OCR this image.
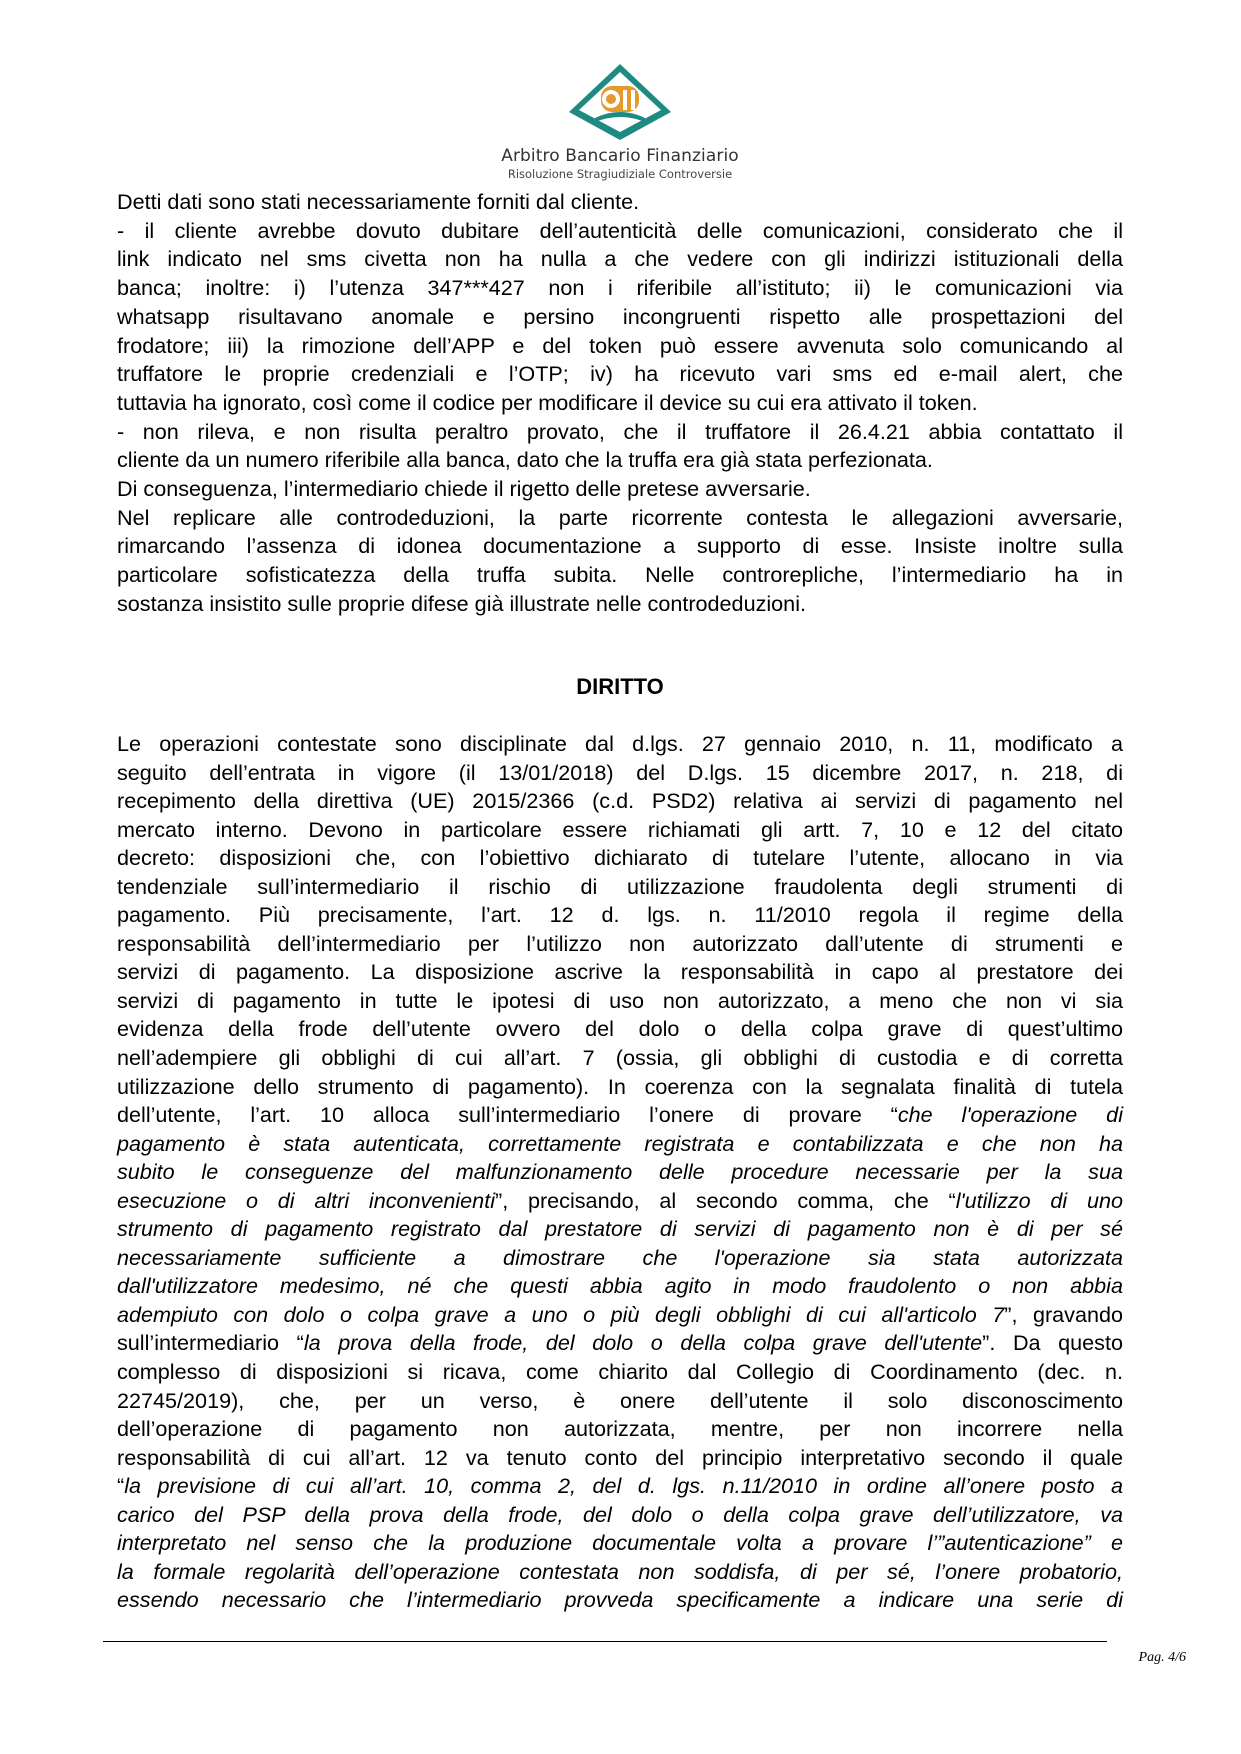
Arbitro Bancario Finanziario
Risoluzione Stragiudiziale Controversie

Detti dati sono stati necessariamente forniti dal cliente.

- il cliente avrebbe dovuto dubitare dell’autenticità delle comunicazioni, considerato che il

link indicato nel sms civetta non ha nulla a che vedere con gli indirizzi istituzionali della

banca; inoltre: i) l’utenza 347***427 non i riferibile all’istituto; ii) le comunicazioni via

whatsapp risultavano anomale e persino incongruenti rispetto alle prospettazioni del

frodatore; iii) la rimozione dell’APP e del token può essere avvenuta solo comunicando al

truffatore le proprie credenziali e l’OTP; iv) ha ricevuto vari sms ed e-mail alert, che

tuttavia ha ignorato, così come il codice per modificare il device su cui era attivato il token.

- non rileva, e non risulta peraltro provato, che il truffatore il 26.4.21 abbia contattato il

cliente da un numero riferibile alla banca, dato che la truffa era già stata perfezionata.

Di conseguenza, l’intermediario chiede il rigetto delle pretese avversarie.

Nel replicare alle controdeduzioni, la parte ricorrente contesta le allegazioni avversarie,

rimarcando l’assenza di idonea documentazione a supporto di esse. Insiste inoltre sulla

particolare sofisticatezza della truffa subita. Nelle controrepliche, l’intermediario ha in

sostanza insistito sulle proprie difese già illustrate nelle controdeduzioni.

DIRITTO

Le operazioni contestate sono disciplinate dal d.lgs. 27 gennaio 2010, n. 11, modificato a

seguito dell’entrata in vigore (il 13/01/2018) del D.lgs. 15 dicembre 2017, n. 218, di

recepimento della direttiva (UE) 2015/2366 (c.d. PSD2) relativa ai servizi di pagamento nel

mercato interno. Devono in particolare essere richiamati gli artt. 7, 10 e 12 del citato

decreto: disposizioni che, con l’obiettivo dichiarato di tutelare l’utente, allocano in via

tendenziale sull’intermediario il rischio di utilizzazione fraudolenta degli strumenti di

pagamento. Più precisamente, l’art. 12 d. lgs. n. 11/2010 regola il regime della

responsabilità dell’intermediario per l’utilizzo non autorizzato dall’utente di strumenti e

servizi di pagamento. La disposizione ascrive la responsabilità in capo al prestatore dei

servizi di pagamento in tutte le ipotesi di uso non autorizzato, a meno che non vi sia

evidenza della frode dell’utente ovvero del dolo o della colpa grave di quest’ultimo

nell’adempiere gli obblighi di cui all’art. 7 (ossia, gli obblighi di custodia e di corretta

utilizzazione dello strumento di pagamento). In coerenza con la segnalata finalità di tutela

dell’utente, l’art. 10 alloca sull’intermediario l’onere di provare “che l'operazione di

pagamento è stata autenticata, correttamente registrata e contabilizzata e che non ha

subito le conseguenze del malfunzionamento delle procedure necessarie per la sua

esecuzione o di altri inconvenienti”, precisando, al secondo comma, che “l'utilizzo di uno

strumento di pagamento registrato dal prestatore di servizi di pagamento non è di per sé

necessariamente sufficiente a dimostrare che l'operazione sia stata autorizzata

dall'utilizzatore medesimo, né che questi abbia agito in modo fraudolento o non abbia

adempiuto con dolo o colpa grave a uno o più degli obblighi di cui all'articolo 7”, gravando

sull’intermediario “la prova della frode, del dolo o della colpa grave dell'utente”. Da questo

complesso di disposizioni si ricava, come chiarito dal Collegio di Coordinamento (dec. n.

22745/2019), che, per un verso, è onere dell’utente il solo disconoscimento

dell’operazione di pagamento non autorizzata, mentre, per non incorrere nella

responsabilità di cui all’art. 12 va tenuto conto del principio interpretativo secondo il quale

“la previsione di cui all’art. 10, comma 2, del d. lgs. n.11/2010 in ordine all’onere posto a

carico del PSP della prova della frode, del dolo o della colpa grave dell’utilizzatore, va

interpretato nel senso che la produzione documentale volta a provare l’”autenticazione” e

la formale regolarità dell’operazione contestata non soddisfa, di per sé, l’onere probatorio,

essendo necessario che l’intermediario provveda specificamente a indicare una serie di

Pag. 4/6
